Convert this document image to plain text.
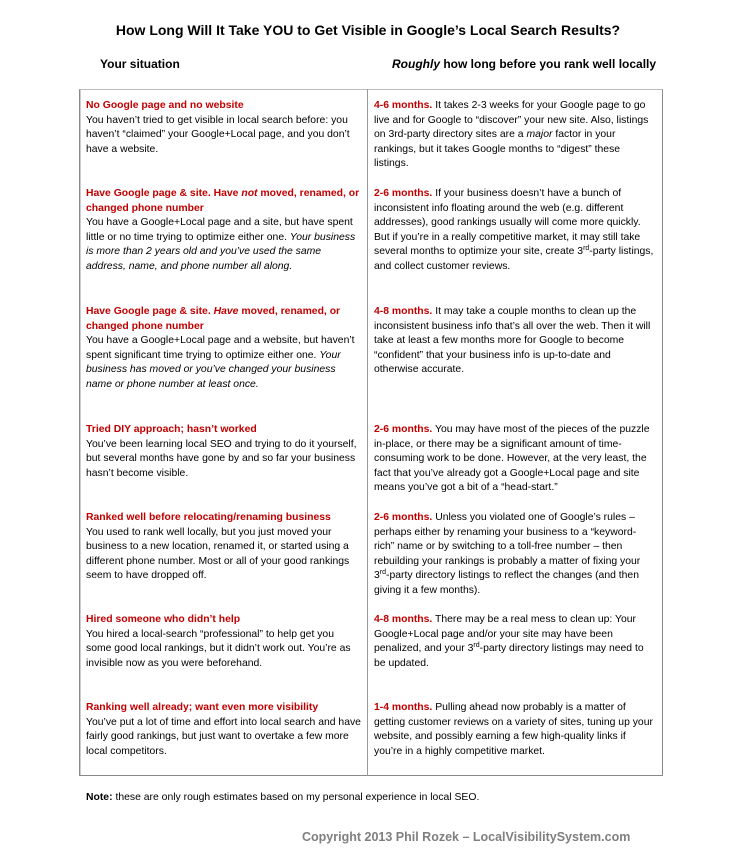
How Long Will It Take YOU to Get Visible in Google’s Local Search Results?
Your situation	Roughly how long before you rank well locally
No Google page and no website
You haven’t tried to get visible in local search before: you haven’t “claimed” your Google+Local page, and you don’t have a website.
4-6 months. It takes 2-3 weeks for your Google page to go live and for Google to “discover” your new site. Also, listings on 3rd-party directory sites are a major factor in your rankings, but it takes Google months to “digest” these listings.
Have Google page & site. Have not moved, renamed, or changed phone number
You have a Google+Local page and a site, but have spent little or no time trying to optimize either one. Your business is more than 2 years old and you’ve used the same address, name, and phone number all along.
2-6 months. If your business doesn’t have a bunch of inconsistent info floating around the web (e.g. different addresses), good rankings usually will come more quickly. But if you’re in a really competitive market, it may still take several months to optimize your site, create 3rd-party listings, and collect customer reviews.
Have Google page & site. Have moved, renamed, or changed phone number
You have a Google+Local page and a website, but haven’t spent significant time trying to optimize either one. Your business has moved or you’ve changed your business name or phone number at least once.
4-8 months. It may take a couple months to clean up the inconsistent business info that’s all over the web. Then it will take at least a few months more for Google to become “confident” that your business info is up-to-date and otherwise accurate.
Tried DIY approach; hasn’t worked
You’ve been learning local SEO and trying to do it yourself, but several months have gone by and so far your business hasn’t become visible.
2-6 months. You may have most of the pieces of the puzzle in-place, or there may be a significant amount of time-consuming work to be done. However, at the very least, the fact that you’ve already got a Google+Local page and site means you’ve got a bit of a “head-start.”
Ranked well before relocating/renaming business
You used to rank well locally, but you just moved your business to a new location, renamed it, or started using a different phone number. Most or all of your good rankings seem to have dropped off.
2-6 months. Unless you violated one of Google’s rules – perhaps either by renaming your business to a “keyword-rich” name or by switching to a toll-free number – then rebuilding your rankings is probably a matter of fixing your 3rd-party directory listings to reflect the changes (and then giving it a few months).
Hired someone who didn’t help
You hired a local-search “professional” to help get you some good local rankings, but it didn’t work out. You’re as invisible now as you were beforehand.
4-8 months. There may be a real mess to clean up: Your Google+Local page and/or your site may have been penalized, and your 3rd-party directory listings may need to be updated.
Ranking well already; want even more visibility
You’ve put a lot of time and effort into local search and have fairly good rankings, but just want to overtake a few more local competitors.
1-4 months. Pulling ahead now probably is a matter of getting customer reviews on a variety of sites, tuning up your website, and possibly earning a few high-quality links if you’re in a highly competitive market.
Note: these are only rough estimates based on my personal experience in local SEO.
Copyright 2013 Phil Rozek – LocalVisibilitySystem.com
